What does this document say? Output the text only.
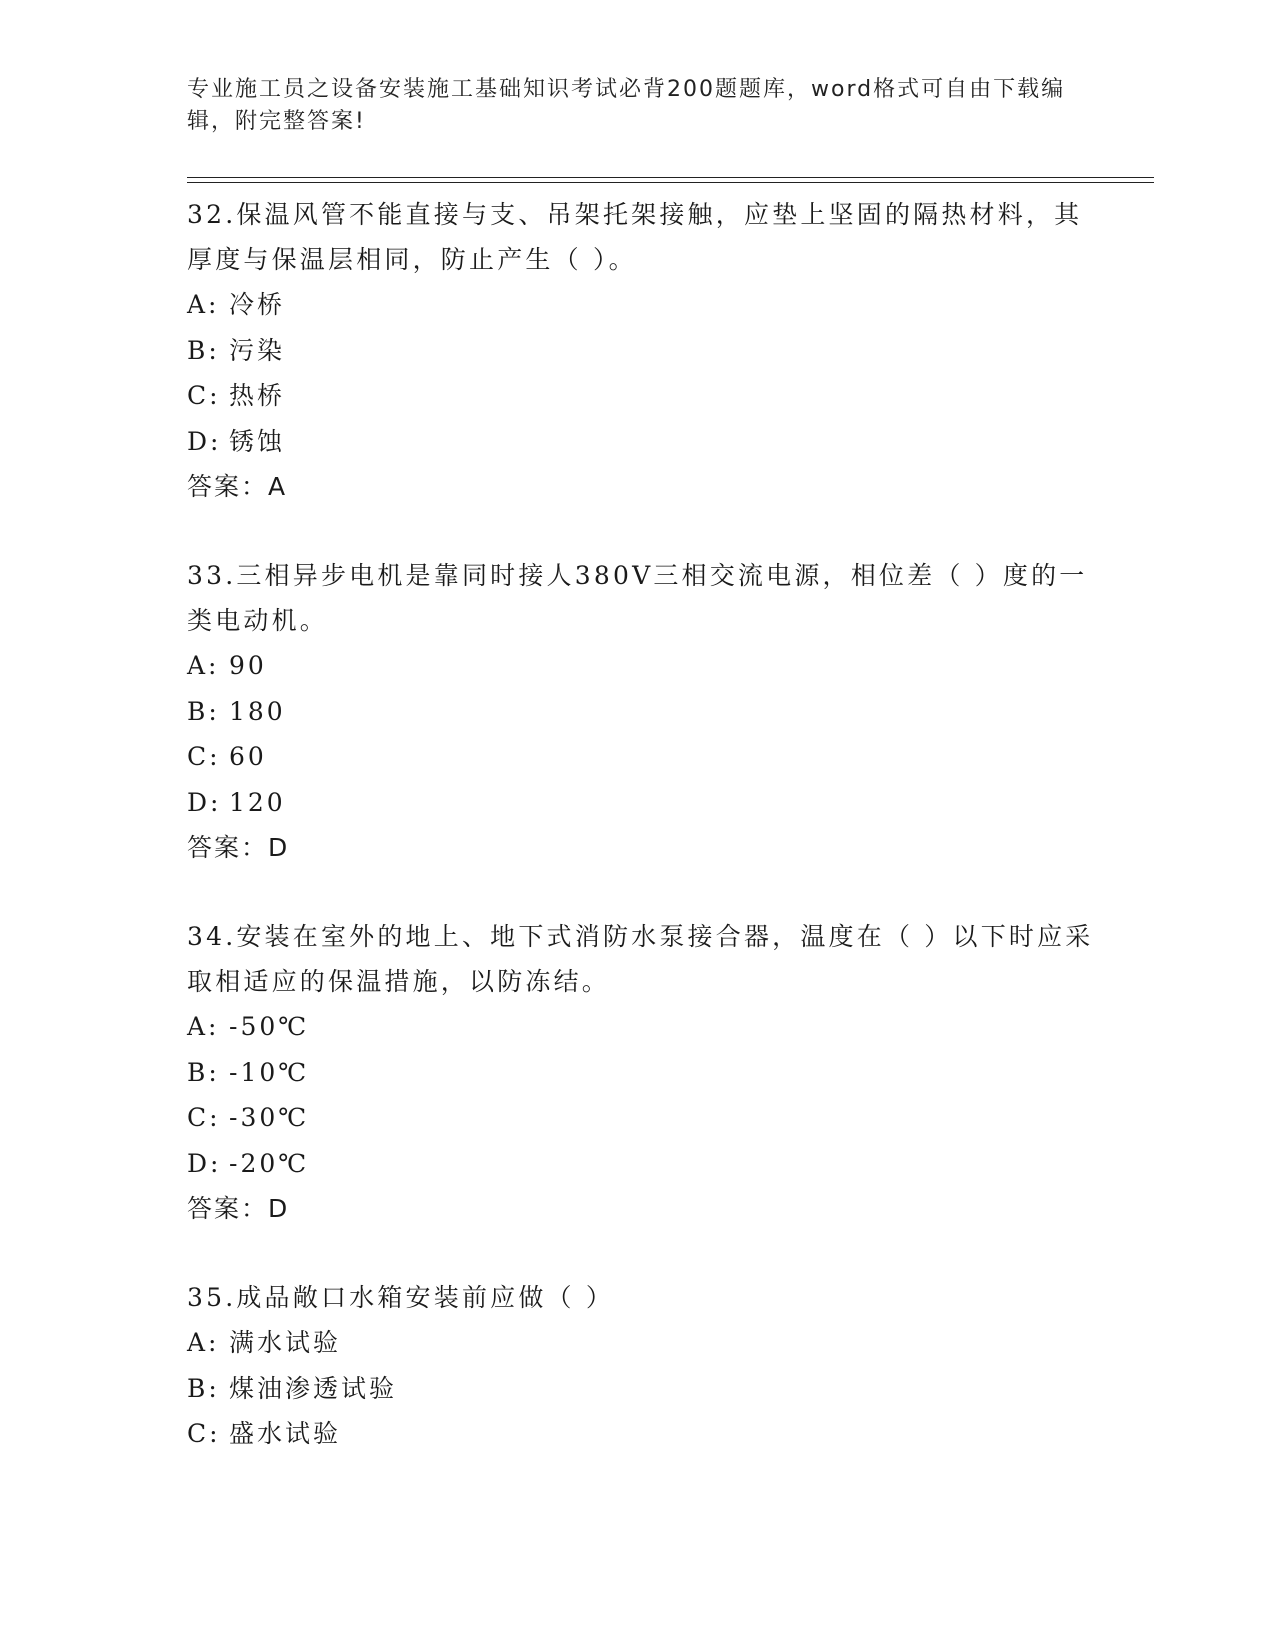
专业施工员之设备安装施工基础知识考试必背200题题库，word格式可自由下载编辑，附完整答案!

32.保温风管不能直接与支、吊架托架接触，应垫上坚固的隔热材料，其厚度与保温层相同，防止产生（ ）。

A: 冷桥

B: 污染

C: 热桥

D: 锈蚀

答案：A

33.三相异步电机是靠同时接人380V三相交流电源，相位差（ ）度的一类电动机。

A: 90

B: 180

C: 60

D: 120

答案：D

34.安装在室外的地上、地下式消防水泵接合器，温度在（ ）以下时应采取相适应的保温措施，以防冻结。

A: -50℃

B: -10℃

C: -30℃

D: -20℃

答案：D

35.成品敞口水箱安装前应做（ ）

A: 满水试验

B: 煤油渗透试验

C: 盛水试验
